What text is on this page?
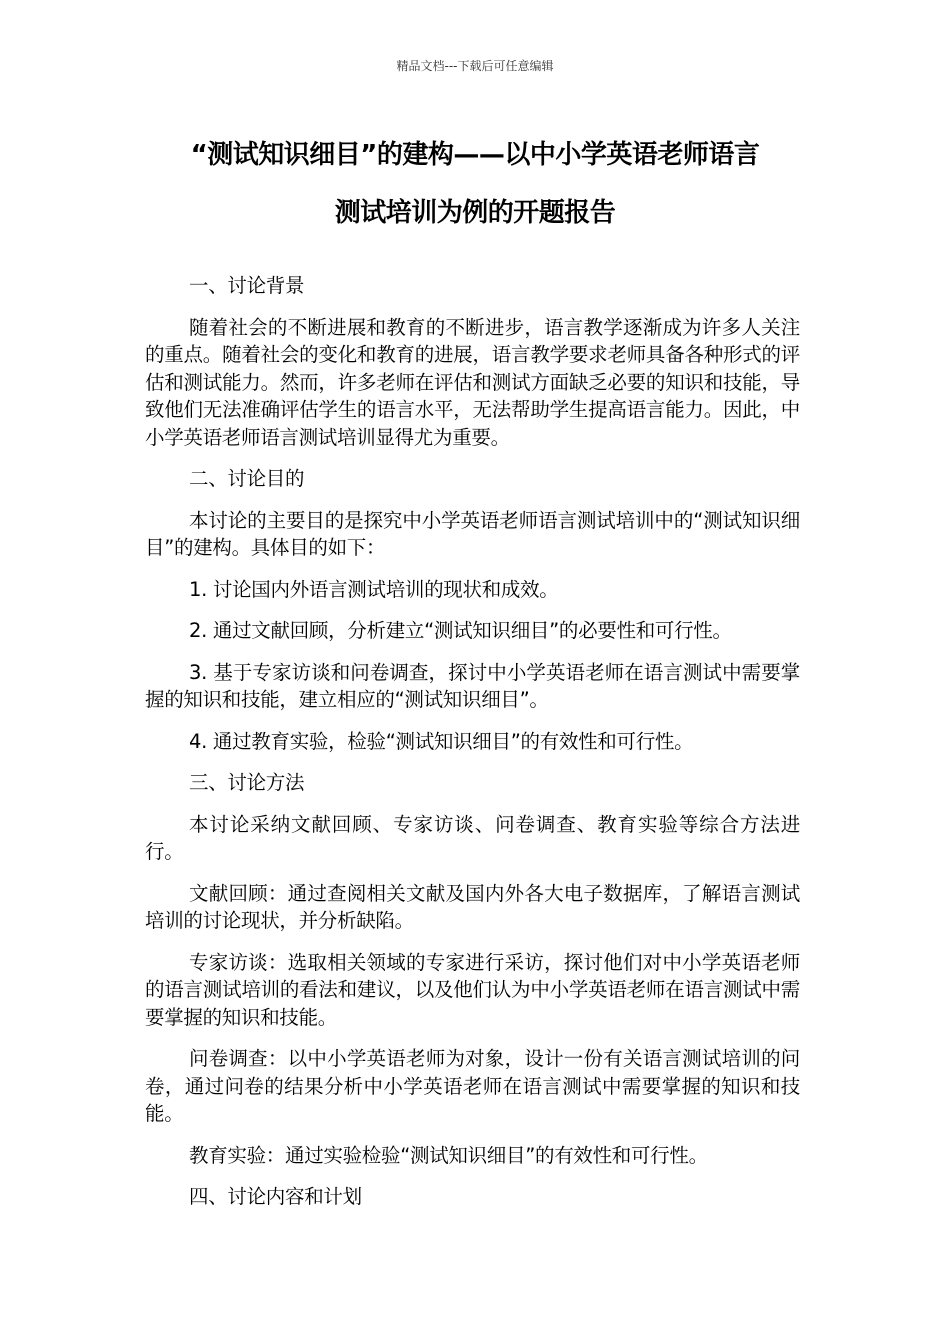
精品文档---下载后可任意编辑
“测试知识细目”的建构——以中小学英语老师语言
测试培训为例的开题报告

一、讨论背景

随着社会的不断进展和教育的不断进步，语言教学逐渐成为许多人关注的重点。随着社会的变化和教育的进展，语言教学要求老师具备各种形式的评估和测试能力。然而，许多老师在评估和测试方面缺乏必要的知识和技能，导致他们无法准确评估学生的语言水平，无法帮助学生提高语言能力。因此，中小学英语老师语言测试培训显得尤为重要。

二、讨论目的

本讨论的主要目的是探究中小学英语老师语言测试培训中的“测试知识细目”的建构。具体目的如下：

1. 讨论国内外语言测试培训的现状和成效。

2. 通过文献回顾，分析建立“测试知识细目”的必要性和可行性。

3. 基于专家访谈和问卷调查，探讨中小学英语老师在语言测试中需要掌握的知识和技能，建立相应的“测试知识细目”。

4. 通过教育实验，检验“测试知识细目”的有效性和可行性。

三、讨论方法

本讨论采纳文献回顾、专家访谈、问卷调查、教育实验等综合方法进行。

文献回顾：通过查阅相关文献及国内外各大电子数据库，了解语言测试培训的讨论现状，并分析缺陷。

专家访谈：选取相关领域的专家进行采访，探讨他们对中小学英语老师的语言测试培训的看法和建议，以及他们认为中小学英语老师在语言测试中需要掌握的知识和技能。

问卷调查：以中小学英语老师为对象，设计一份有关语言测试培训的问卷，通过问卷的结果分析中小学英语老师在语言测试中需要掌握的知识和技能。

教育实验：通过实验检验“测试知识细目”的有效性和可行性。

四、讨论内容和计划
